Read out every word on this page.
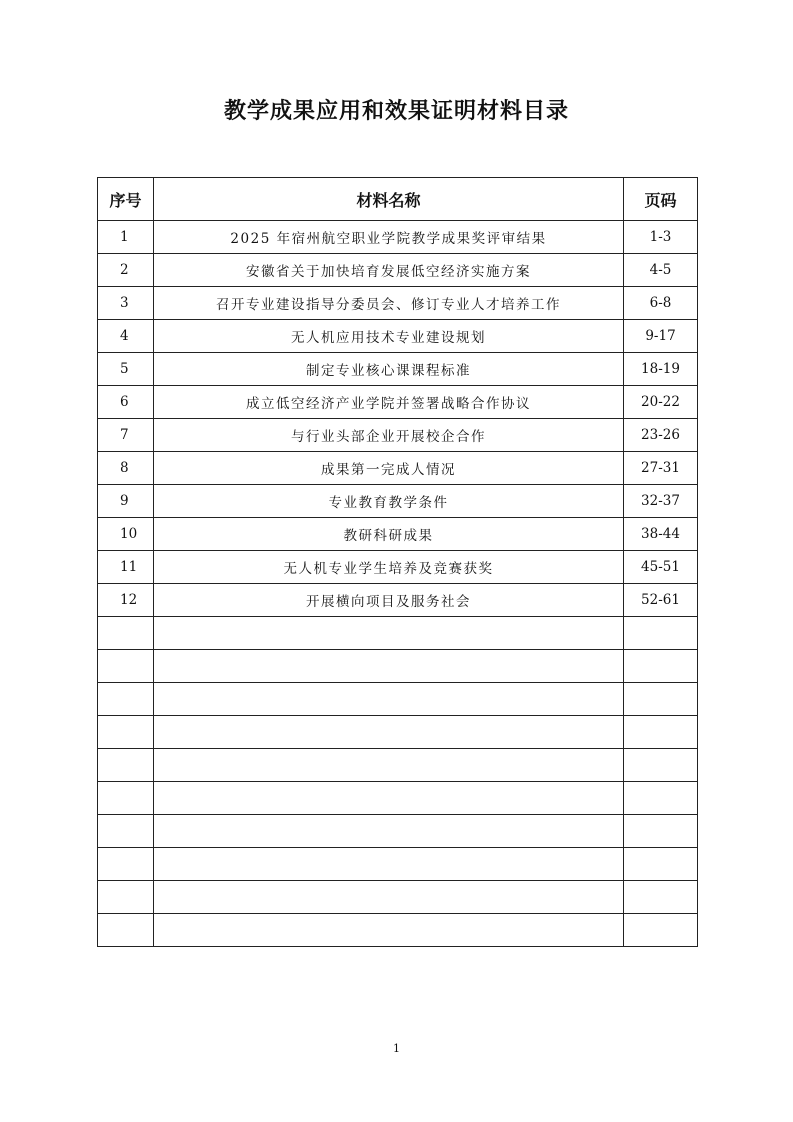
教学成果应用和效果证明材料目录
序号	材料名称	页码
1	2025 年宿州航空职业学院教学成果奖评审结果	1-3
2	安徽省关于加快培育发展低空经济实施方案	4-5
3	召开专业建设指导分委员会、修订专业人才培养工作	6-8
4	无人机应用技术专业建设规划	9-17
5	制定专业核心课课程标准	18-19
6	成立低空经济产业学院并签署战略合作协议	20-22
7	与行业头部企业开展校企合作	23-26
8	成果第一完成人情况	27-31
9	专业教育教学条件	32-37
10	教研科研成果	38-44
11	无人机专业学生培养及竞赛获奖	45-51
12	开展横向项目及服务社会	52-61

1
